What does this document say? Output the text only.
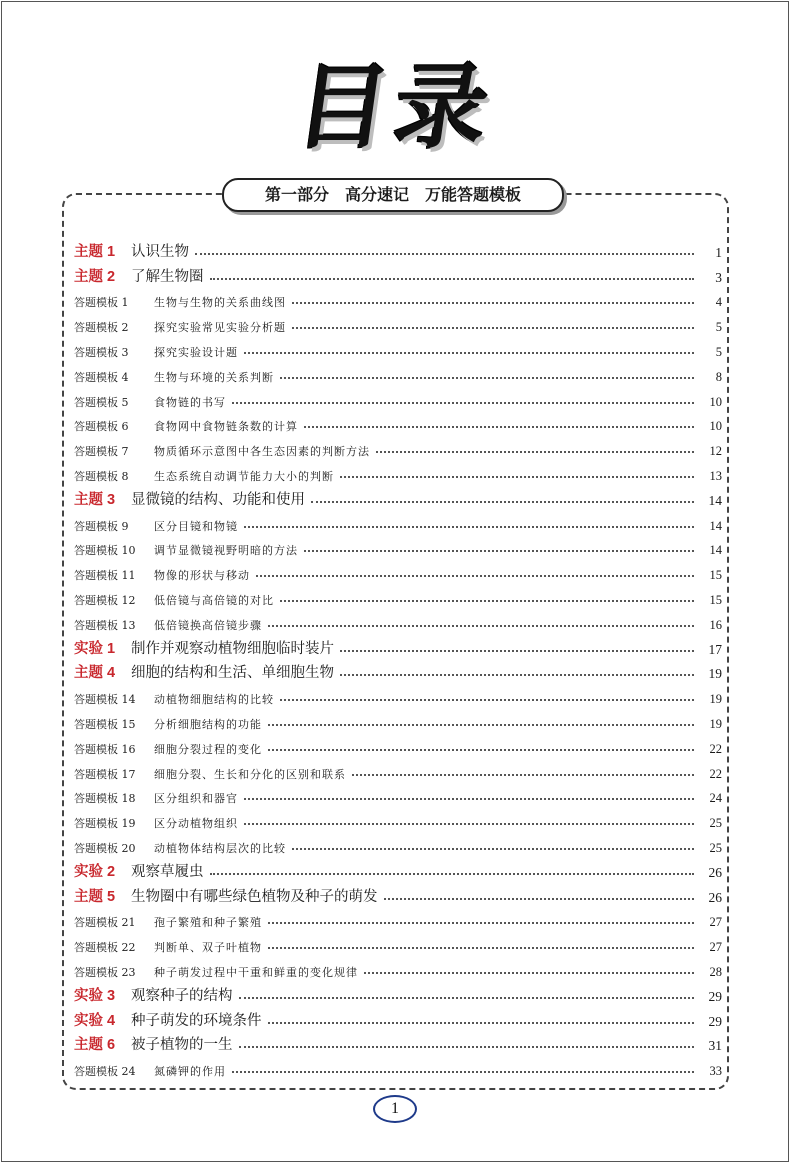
目录
第一部分　高分速记　万能答题模板
主题 1	认识生物	1
主题 2	了解生物圈	3
答题模板 1	生物与生物的关系曲线图	4
答题模板 2	探究实验常见实验分析题	5
答题模板 3	探究实验设计题	5
答题模板 4	生物与环境的关系判断	8
答题模板 5	食物链的书写	10
答题模板 6	食物网中食物链条数的计算	10
答题模板 7	物质循环示意图中各生态因素的判断方法	12
答题模板 8	生态系统自动调节能力大小的判断	13
主题 3	显微镜的结构、功能和使用	14
答题模板 9	区分目镜和物镜	14
答题模板 10	调节显微镜视野明暗的方法	14
答题模板 11	物像的形状与移动	15
答题模板 12	低倍镜与高倍镜的对比	15
答题模板 13	低倍镜换高倍镜步骤	16
实验 1	制作并观察动植物细胞临时装片	17
主题 4	细胞的结构和生活、单细胞生物	19
答题模板 14	动植物细胞结构的比较	19
答题模板 15	分析细胞结构的功能	19
答题模板 16	细胞分裂过程的变化	22
答题模板 17	细胞分裂、生长和分化的区别和联系	22
答题模板 18	区分组织和器官	24
答题模板 19	区分动植物组织	25
答题模板 20	动植物体结构层次的比较	25
实验 2	观察草履虫	26
主题 5	生物圈中有哪些绿色植物及种子的萌发	26
答题模板 21	孢子繁殖和种子繁殖	27
答题模板 22	判断单、双子叶植物	27
答题模板 23	种子萌发过程中干重和鲜重的变化规律	28
实验 3	观察种子的结构	29
实验 4	种子萌发的环境条件	29
主题 6	被子植物的一生	31
答题模板 24	氮磷钾的作用	33
1
